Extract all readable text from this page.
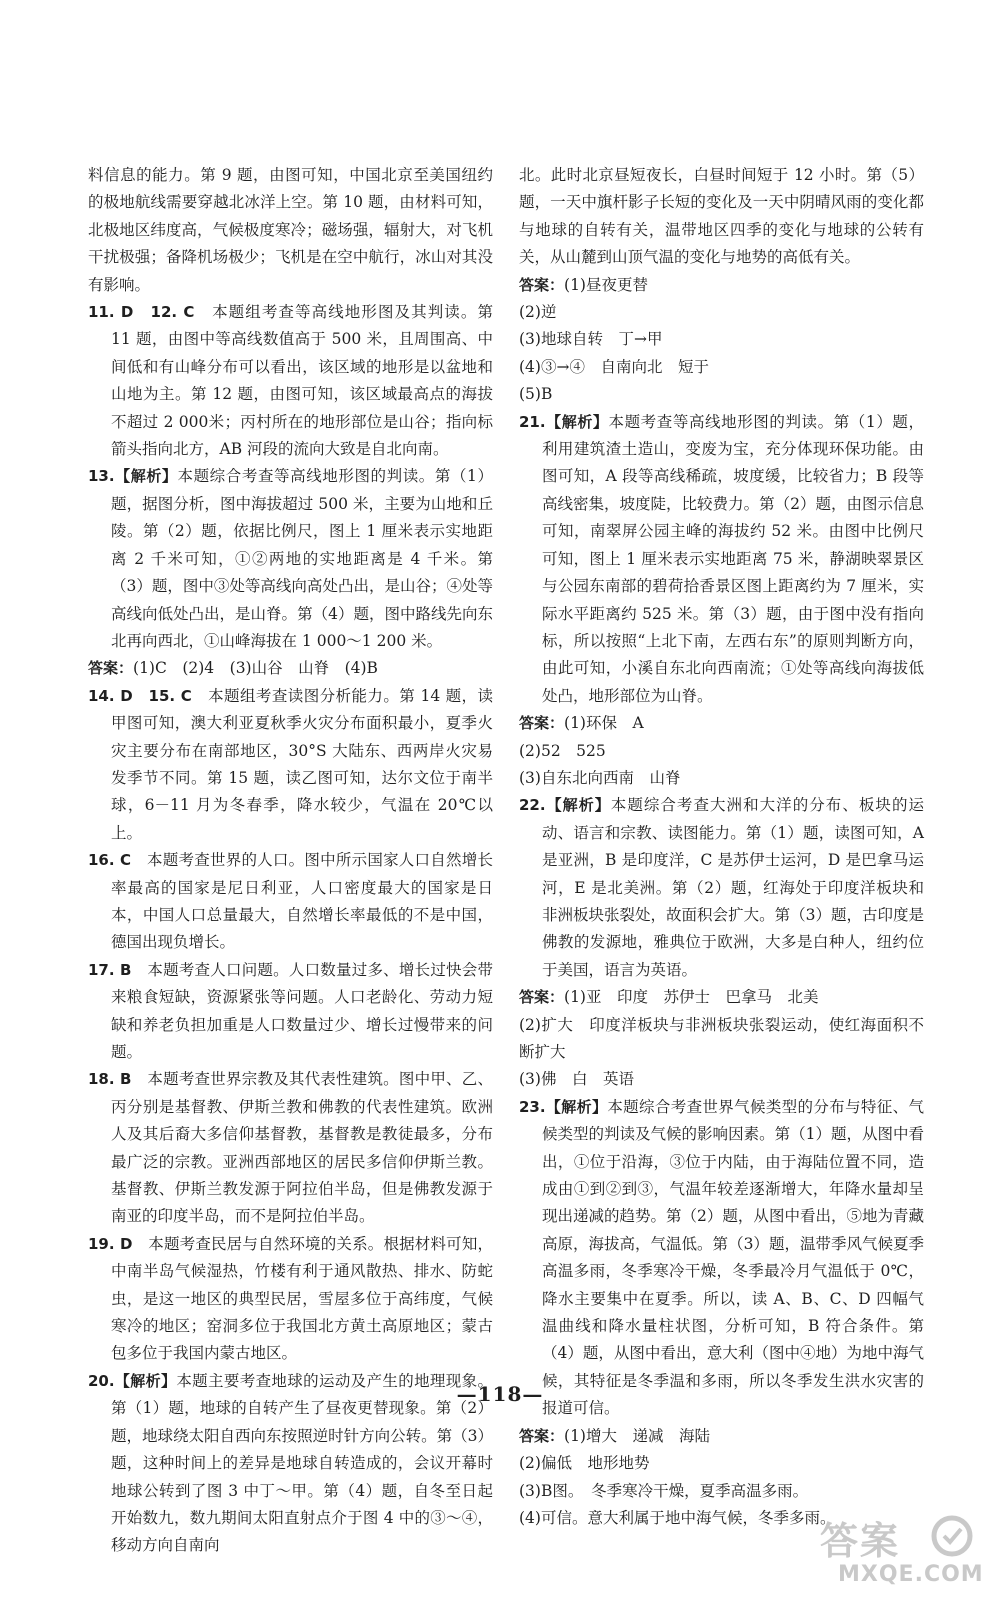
料信息的能力。第 9 题，由图可知，中国北京至美国纽约的极地航线需要穿越北冰洋上空。第 10 题，由材料可知，北极地区纬度高，气候极度寒冷；磁场强，辐射大，对飞机干扰极强；备降机场极少；飞机是在空中航行，冰山对其没有影响。

11. D　12. C　本题组考查等高线地形图及其判读。第 11 题，由图中等高线数值高于 500 米，且周围高、中间低和有山峰分布可以看出，该区域的地形是以盆地和山地为主。第 12 题，由图可知，该区域最高点的海拔不超过 2 000米；丙村所在的地形部位是山谷；指向标箭头指向北方，AB 河段的流向大致是自北向南。

13.【解析】本题综合考查等高线地形图的判读。第（1）题，据图分析，图中海拔超过 500 米，主要为山地和丘陵。第（2）题，依据比例尺，图上 1 厘米表示实地距离 2 千米可知，①②两地的实地距离是 4 千米。第（3）题，图中③处等高线向高处凸出，是山谷；④处等高线向低处凸出，是山脊。第（4）题，图中路线先向东北再向西北，①山峰海拔在 1 000～1 200 米。

答案：(1)C　(2)4　(3)山谷　山脊　(4)B

14. D　15. C　本题组考查读图分析能力。第 14 题，读甲图可知，澳大利亚夏秋季火灾分布面积最小，夏季火灾主要分布在南部地区，30°S 大陆东、西两岸火灾易发季节不同。第 15 题，读乙图可知，达尔文位于南半球，6－11 月为冬春季，降水较少，气温在 20℃以上。

16. C　本题考查世界的人口。图中所示国家人口自然增长率最高的国家是尼日利亚，人口密度最大的国家是日本，中国人口总量最大，自然增长率最低的不是中国，德国出现负增长。

17. B　本题考查人口问题。人口数量过多、增长过快会带来粮食短缺，资源紧张等问题。人口老龄化、劳动力短缺和养老负担加重是人口数量过少、增长过慢带来的问题。

18. B　本题考查世界宗教及其代表性建筑。图中甲、乙、丙分别是基督教、伊斯兰教和佛教的代表性建筑。欧洲人及其后裔大多信仰基督教，基督教是教徒最多，分布最广泛的宗教。亚洲西部地区的居民多信仰伊斯兰教。基督教、伊斯兰教发源于阿拉伯半岛，但是佛教发源于南亚的印度半岛，而不是阿拉伯半岛。

19. D　本题考查民居与自然环境的关系。根据材料可知，中南半岛气候湿热，竹楼有利于通风散热、排水、防蛇虫，是这一地区的典型民居，雪屋多位于高纬度，气候寒冷的地区；窑洞多位于我国北方黄土高原地区；蒙古包多位于我国内蒙古地区。

20.【解析】本题主要考查地球的运动及产生的地理现象。第（1）题，地球的自转产生了昼夜更替现象。第（2）题，地球绕太阳自西向东按照逆时针方向公转。第（3）题，这种时间上的差异是地球自转造成的，会议开幕时地球公转到了图 3 中丁～甲。第（4）题，自冬至日起开始数九，数九期间太阳直射点介于图 4 中的③～④，移动方向自南向

北。此时北京昼短夜长，白昼时间短于 12 小时。第（5）题，一天中旗杆影子长短的变化及一天中阴晴风雨的变化都与地球的自转有关，温带地区四季的变化与地球的公转有关，从山麓到山顶气温的变化与地势的高低有关。

答案：(1)昼夜更替

(2)逆

(3)地球自转　丁→甲

(4)③→④　自南向北　短于

(5)B

21.【解析】本题考查等高线地形图的判读。第（1）题，利用建筑渣土造山，变废为宝，充分体现环保功能。由图可知，A 段等高线稀疏，坡度缓，比较省力；B 段等高线密集，坡度陡，比较费力。第（2）题，由图示信息可知，南翠屏公园主峰的海拔约 52 米。由图中比例尺可知，图上 1 厘米表示实地距离 75 米，静湖映翠景区与公园东南部的碧荷拾香景区图上距离约为 7 厘米，实际水平距离约 525 米。第（3）题，由于图中没有指向标，所以按照“上北下南，左西右东”的原则判断方向，由此可知，小溪自东北向西南流；①处等高线向海拔低处凸，地形部位为山脊。

答案：(1)环保　A

(2)52　525

(3)自东北向西南　山脊

22.【解析】本题综合考查大洲和大洋的分布、板块的运动、语言和宗教、读图能力。第（1）题，读图可知，A 是亚洲，B 是印度洋，C 是苏伊士运河，D 是巴拿马运河，E 是北美洲。第（2）题，红海处于印度洋板块和非洲板块张裂处，故面积会扩大。第（3）题，古印度是佛教的发源地，雅典位于欧洲，大多是白种人，纽约位于美国，语言为英语。

答案：(1)亚　印度　苏伊士　巴拿马　北美

(2)扩大　印度洋板块与非洲板块张裂运动，使红海面积不断扩大

(3)佛　白　英语

23.【解析】本题综合考查世界气候类型的分布与特征、气候类型的判读及气候的影响因素。第（1）题，从图中看出，①位于沿海，③位于内陆，由于海陆位置不同，造成由①到②到③，气温年较差逐渐增大，年降水量却呈现出递减的趋势。第（2）题，从图中看出，⑤地为青藏高原，海拔高，气温低。第（3）题，温带季风气候夏季高温多雨，冬季寒冷干燥，冬季最冷月气温低于 0℃，降水主要集中在夏季。所以，读 A、B、C、D 四幅气温曲线和降水量柱状图，分析可知，B 符合条件。第（4）题，从图中看出，意大利（图中④地）为地中海气候，其特征是冬季温和多雨，所以冬季发生洪水灾害的报道可信。

答案：(1)增大　递减　海陆

(2)偏低　地形地势

(3)B图。　冬季寒冷干燥，夏季高温多雨。

(4)可信。意大利属于地中海气候，冬季多雨。

—118—
答案
MXQE.COM
